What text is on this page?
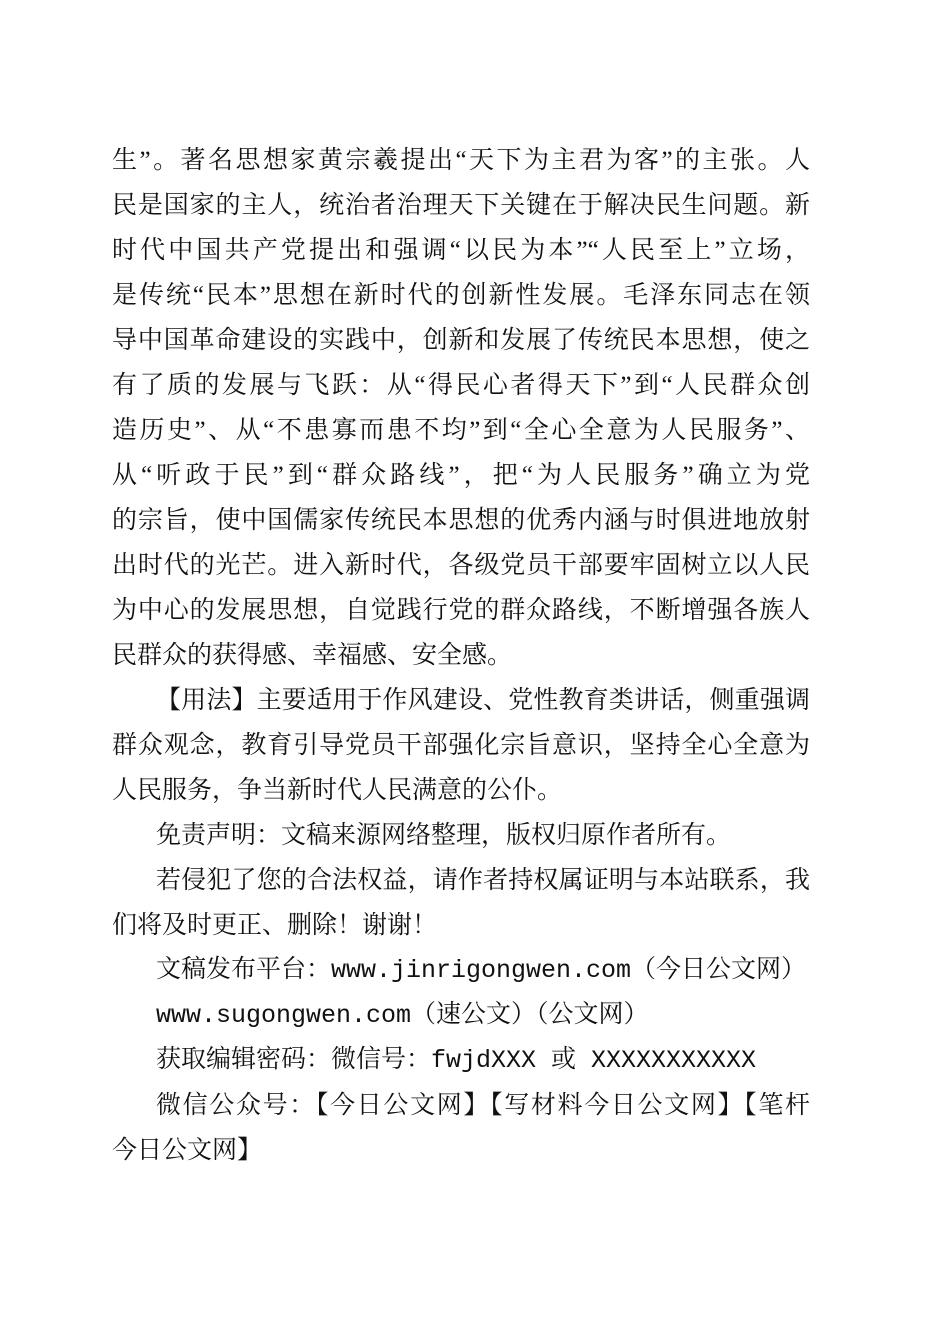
生”。著名思想家黄宗羲提出“天下为主君为客”的主张。人
民是国家的主人，统治者治理天下关键在于解决民生问题。新
时代中国共产党提出和强调“以民为本”“人民至上”立场，
是传统“民本”思想在新时代的创新性发展。毛泽东同志在领
导中国革命建设的实践中，创新和发展了传统民本思想，使之
有了质的发展与飞跃：从“得民心者得天下”到“人民群众创
造历史”、从“不患寡而患不均”到“全心全意为人民服务”、
从“听政于民”到“群众路线”，把“为人民服务”确立为党
的宗旨，使中国儒家传统民本思想的优秀内涵与时俱进地放射
出时代的光芒。进入新时代，各级党员干部要牢固树立以人民
为中心的发展思想，自觉践行党的群众路线，不断增强各族人
民群众的获得感、幸福感、安全感。
【用法】主要适用于作风建设、党性教育类讲话，侧重强调
群众观念，教育引导党员干部强化宗旨意识，坚持全心全意为
人民服务，争当新时代人民满意的公仆。
免责声明：文稿来源网络整理，版权归原作者所有。
若侵犯了您的合法权益，请作者持权属证明与本站联系，我
们将及时更正、删除！谢谢！
文稿发布平台：www.jinrigongwen.com（今日公文网）
www.sugongwen.com（速公文）（公文网）
获取编辑密码：微信号：fwjdXXX 或 XXXXXXXXXXX
微信公众号：【今日公文网】【写材料今日公文网】【笔杆
今日公文网】
